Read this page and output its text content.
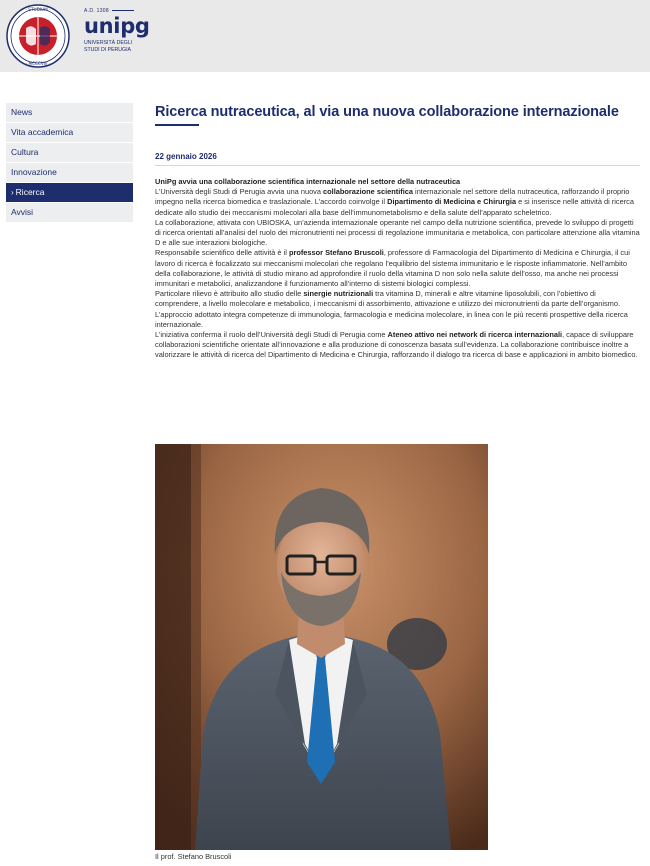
· STUDIUM ·
· MCCCVIII ·
A.D. 1308
unipg
UNIVERSITÀ DEGLI STUDI DI PERUGIA
News
Vita accademica
Cultura
Innovazione
› Ricerca
Avvisi
Ricerca nutraceutica, al via una nuova collaborazione internazionale
22 gennaio 2026

UniPg avvia una collaborazione scientifica internazionale nel settore della nutraceutica

L’Università degli Studi di Perugia avvia una nuova collaborazione scientifica internazionale nel settore della nutraceutica, rafforzando il proprio impegno nella ricerca biomedica e traslazionale. L’accordo coinvolge il Dipartimento di Medicina e Chirurgia e si inserisce nelle attività di ricerca dedicate allo studio dei meccanismi molecolari alla base dell’immunometabolismo e della salute dell’apparato scheletrico.

La collaborazione, attivata con UBIOSKA, un’azienda internazionale operante nel campo della nutrizione scientifica, prevede lo sviluppo di progetti di ricerca orientati all’analisi del ruolo dei micronutrienti nei processi di regolazione immunitaria e metabolica, con particolare attenzione alla vitamina D e alle sue interazioni biologiche.

Responsabile scientifico delle attività è il professor Stefano Bruscoli, professore di Farmacologia del Dipartimento di Medicina e Chirurgia, il cui lavoro di ricerca è focalizzato sui meccanismi molecolari che regolano l’equilibrio del sistema immunitario e le risposte infiammatorie. Nell’ambito della collaborazione, le attività di studio mirano ad approfondire il ruolo della vitamina D non solo nella salute dell’osso, ma anche nei processi immunitari e metabolici, analizzandone il funzionamento all’interno di sistemi biologici complessi.

Particolare rilievo è attribuito allo studio delle sinergie nutrizionali tra vitamina D, minerali e altre vitamine liposolubili, con l’obiettivo di comprendere, a livello molecolare e metabolico, i meccanismi di assorbimento, attivazione e utilizzo dei micronutrienti da parte dell’organismo. L’approccio adottato integra competenze di immunologia, farmacologia e medicina molecolare, in linea con le più recenti prospettive della ricerca internazionale.

L’iniziativa conferma il ruolo dell’Università degli Studi di Perugia come Ateneo attivo nei network di ricerca internazionali, capace di sviluppare collaborazioni scientifiche orientate all’innovazione e alla produzione di conoscenza basata sull’evidenza. La collaborazione contribuisce inoltre a valorizzare le attività di ricerca del Dipartimento di Medicina e Chirurgia, rafforzando il dialogo tra ricerca di base e applicazioni in ambito biomedico.

Il prof. Stefano Bruscoli
